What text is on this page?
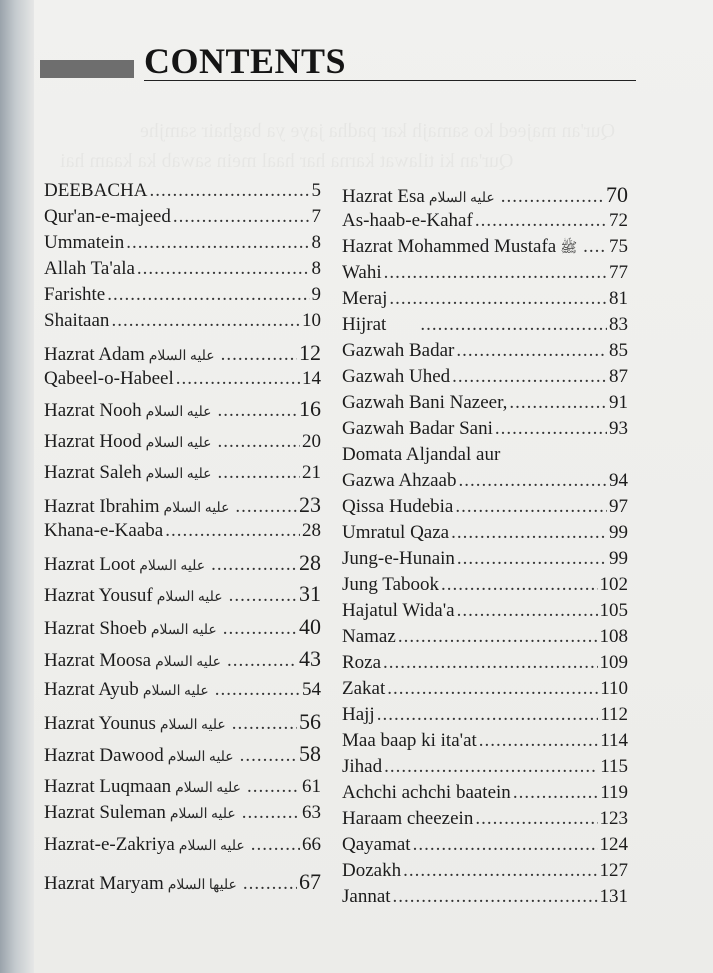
CONTENTS
DEEBACHA .....	5
Qur'an-e-majeed .....	7
Ummatein .....	8
Allah Ta'ala .....	8
Farishte .....	9
Shaitaan .....	10
Hazrat Adam عليه السلام .....	12
Qabeel-o-Habeel .....	14
Hazrat Nooh عليه السلام .....	16
Hazrat Hood عليه السلام .....	20
Hazrat Saleh عليه السلام .....	21
Hazrat Ibrahim عليه السلام .....	23
Khana-e-Kaaba .....	28
Hazrat Loot عليه السلام .....	28
Hazrat Yousuf عليه السلام .....	31
Hazrat Shoeb عليه السلام .....	40
Hazrat Moosa عليه السلام .....	43
Hazrat Ayub عليه السلام .....	54
Hazrat Younus عليه السلام .....	56
Hazrat Dawood عليه السلام .....	58
Hazrat Luqmaan عليه السلام .....	61
Hazrat Suleman عليه السلام .....	63
Hazrat-e-Zakriya عليه السلام .....	66
Hazrat Maryam عليها السلام .....	67
Hazrat Esa عليه السلام .....	70
As-haab-e-Kahaf .....	72
Hazrat Mohammed Mustafa ﷺ ..... 75
Wahi .....	77
Meraj .....	81
Hijrat .....	83
Gazwah Badar .....	85
Gazwah Uhed .....	87
Gazwah Bani Nazeer, .....	91
Gazwah Badar Sani .....	93
Domata Aljandal aur
Gazwa Ahzaab .....	94
Qissa Hudebia .....	97
Umratul Qaza .....	99
Jung-e-Hunain .....	99
Jung Tabook .....	102
Hajatul Wida'a .....	105
Namaz .....	108
Roza .....	109
Zakat .....	110
Hajj .....	112
Maa baap ki ita'at .....	114
Jihad .....	115
Achchi achchi baatein .....	119
Haraam cheezein .....	123
Qayamat .....	124
Dozakh .....	127
Jannat .....	131
